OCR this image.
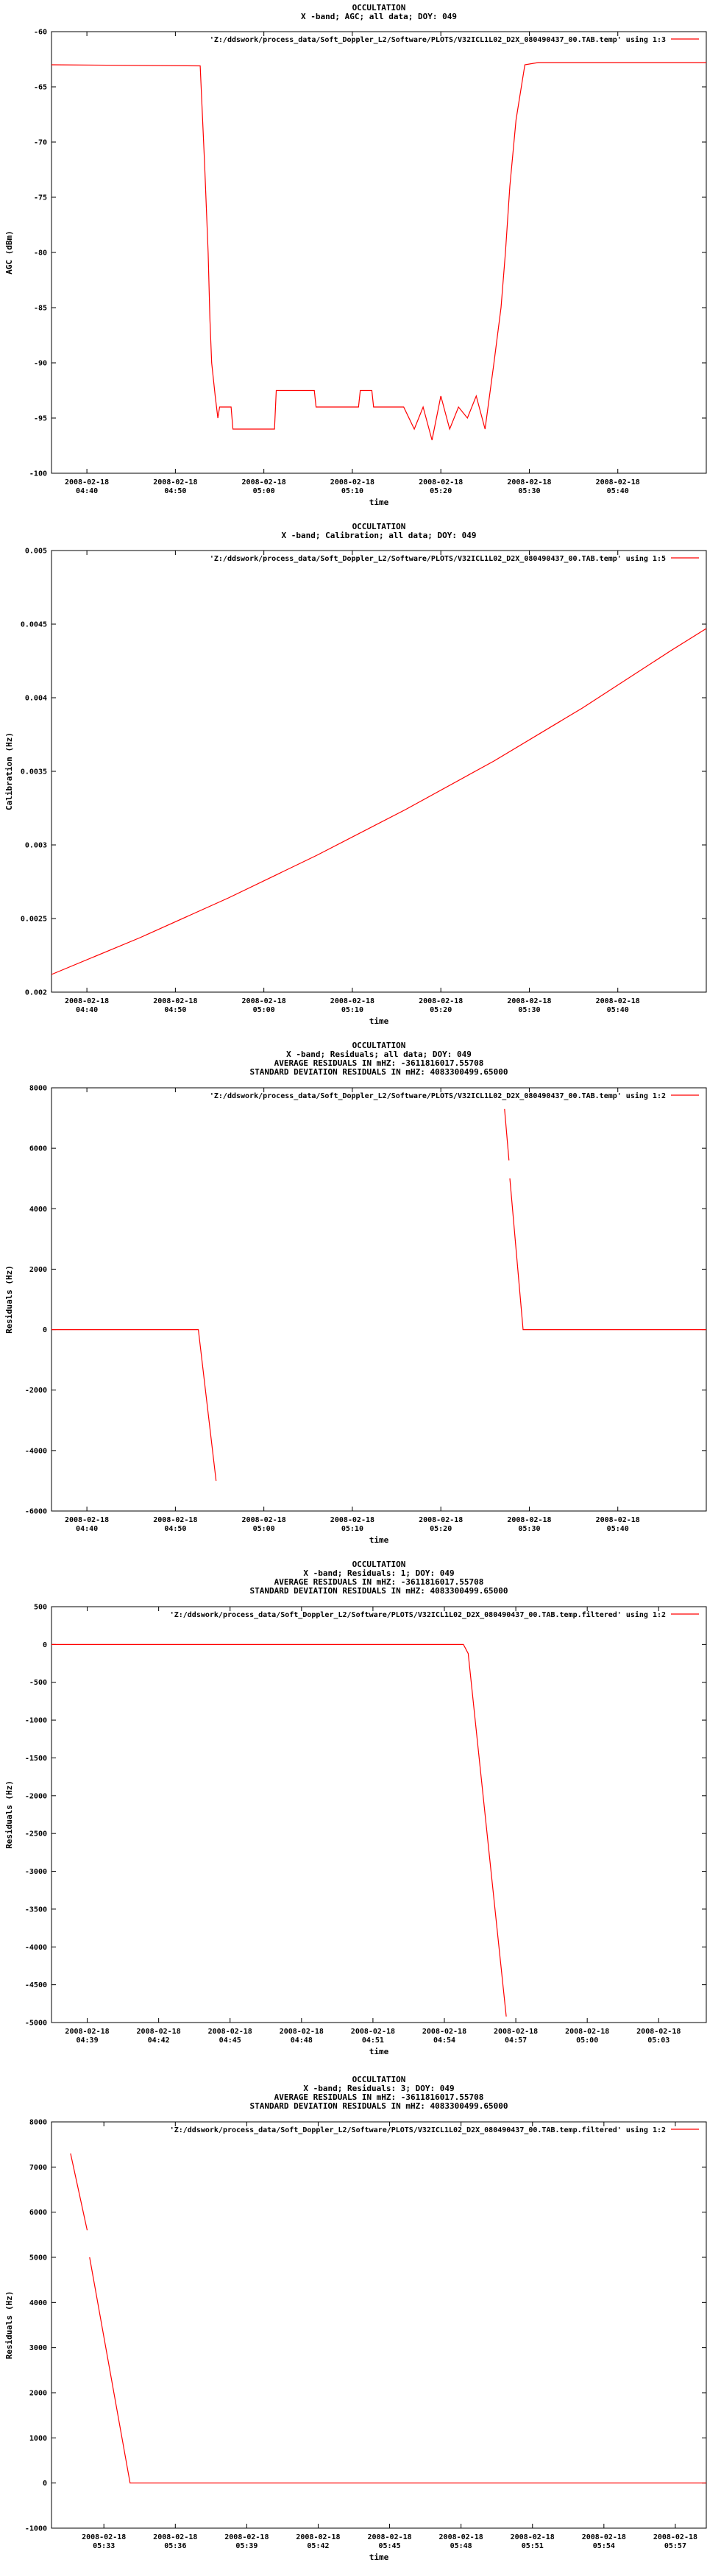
OCCULTATION
X -band; AGC; all data; DOY: 049
-100
-95
-90
-85
-80
-75
-70
-65
-60
2008-02-18
04:40
2008-02-18
04:50
2008-02-18
05:00
2008-02-18
05:10
2008-02-18
05:20
2008-02-18
05:30
2008-02-18
05:40
time
AGC (dBm)
'Z:/ddswork/process_data/Soft_Doppler_L2/Software/PLOTS/V32ICL1L02_D2X_080490437_00.TAB.temp' using 1:3
OCCULTATION
X -band; Calibration; all data; DOY: 049
0.002
0.0025
0.003
0.0035
0.004
0.0045
0.005
2008-02-18
04:40
2008-02-18
04:50
2008-02-18
05:00
2008-02-18
05:10
2008-02-18
05:20
2008-02-18
05:30
2008-02-18
05:40
time
Calibration (Hz)
'Z:/ddswork/process_data/Soft_Doppler_L2/Software/PLOTS/V32ICL1L02_D2X_080490437_00.TAB.temp' using 1:5
OCCULTATION
X -band; Residuals; all data; DOY: 049
AVERAGE RESIDUALS IN mHZ: -3611816017.55708
STANDARD DEVIATION RESIDUALS IN mHZ: 4083300499.65000
-6000
-4000
-2000
0
2000
4000
6000
8000
2008-02-18
04:40
2008-02-18
04:50
2008-02-18
05:00
2008-02-18
05:10
2008-02-18
05:20
2008-02-18
05:30
2008-02-18
05:40
time
Residuals (Hz)
'Z:/ddswork/process_data/Soft_Doppler_L2/Software/PLOTS/V32ICL1L02_D2X_080490437_00.TAB.temp' using 1:2
OCCULTATION
X -band; Residuals: 1; DOY: 049
AVERAGE RESIDUALS IN mHZ: -3611816017.55708
STANDARD DEVIATION RESIDUALS IN mHZ: 4083300499.65000
-5000
-4500
-4000
-3500
-3000
-2500
-2000
-1500
-1000
-500
0
500
2008-02-18
04:39
2008-02-18
04:42
2008-02-18
04:45
2008-02-18
04:48
2008-02-18
04:51
2008-02-18
04:54
2008-02-18
04:57
2008-02-18
05:00
2008-02-18
05:03
time
Residuals (Hz)
'Z:/ddswork/process_data/Soft_Doppler_L2/Software/PLOTS/V32ICL1L02_D2X_080490437_00.TAB.temp.filtered' using 1:2
OCCULTATION
X -band; Residuals: 3; DOY: 049
AVERAGE RESIDUALS IN mHZ: -3611816017.55708
STANDARD DEVIATION RESIDUALS IN mHZ: 4083300499.65000
-1000
0
1000
2000
3000
4000
5000
6000
7000
8000
2008-02-18
05:33
2008-02-18
05:36
2008-02-18
05:39
2008-02-18
05:42
2008-02-18
05:45
2008-02-18
05:48
2008-02-18
05:51
2008-02-18
05:54
2008-02-18
05:57
time
Residuals (Hz)
'Z:/ddswork/process_data/Soft_Doppler_L2/Software/PLOTS/V32ICL1L02_D2X_080490437_00.TAB.temp.filtered' using 1:2
